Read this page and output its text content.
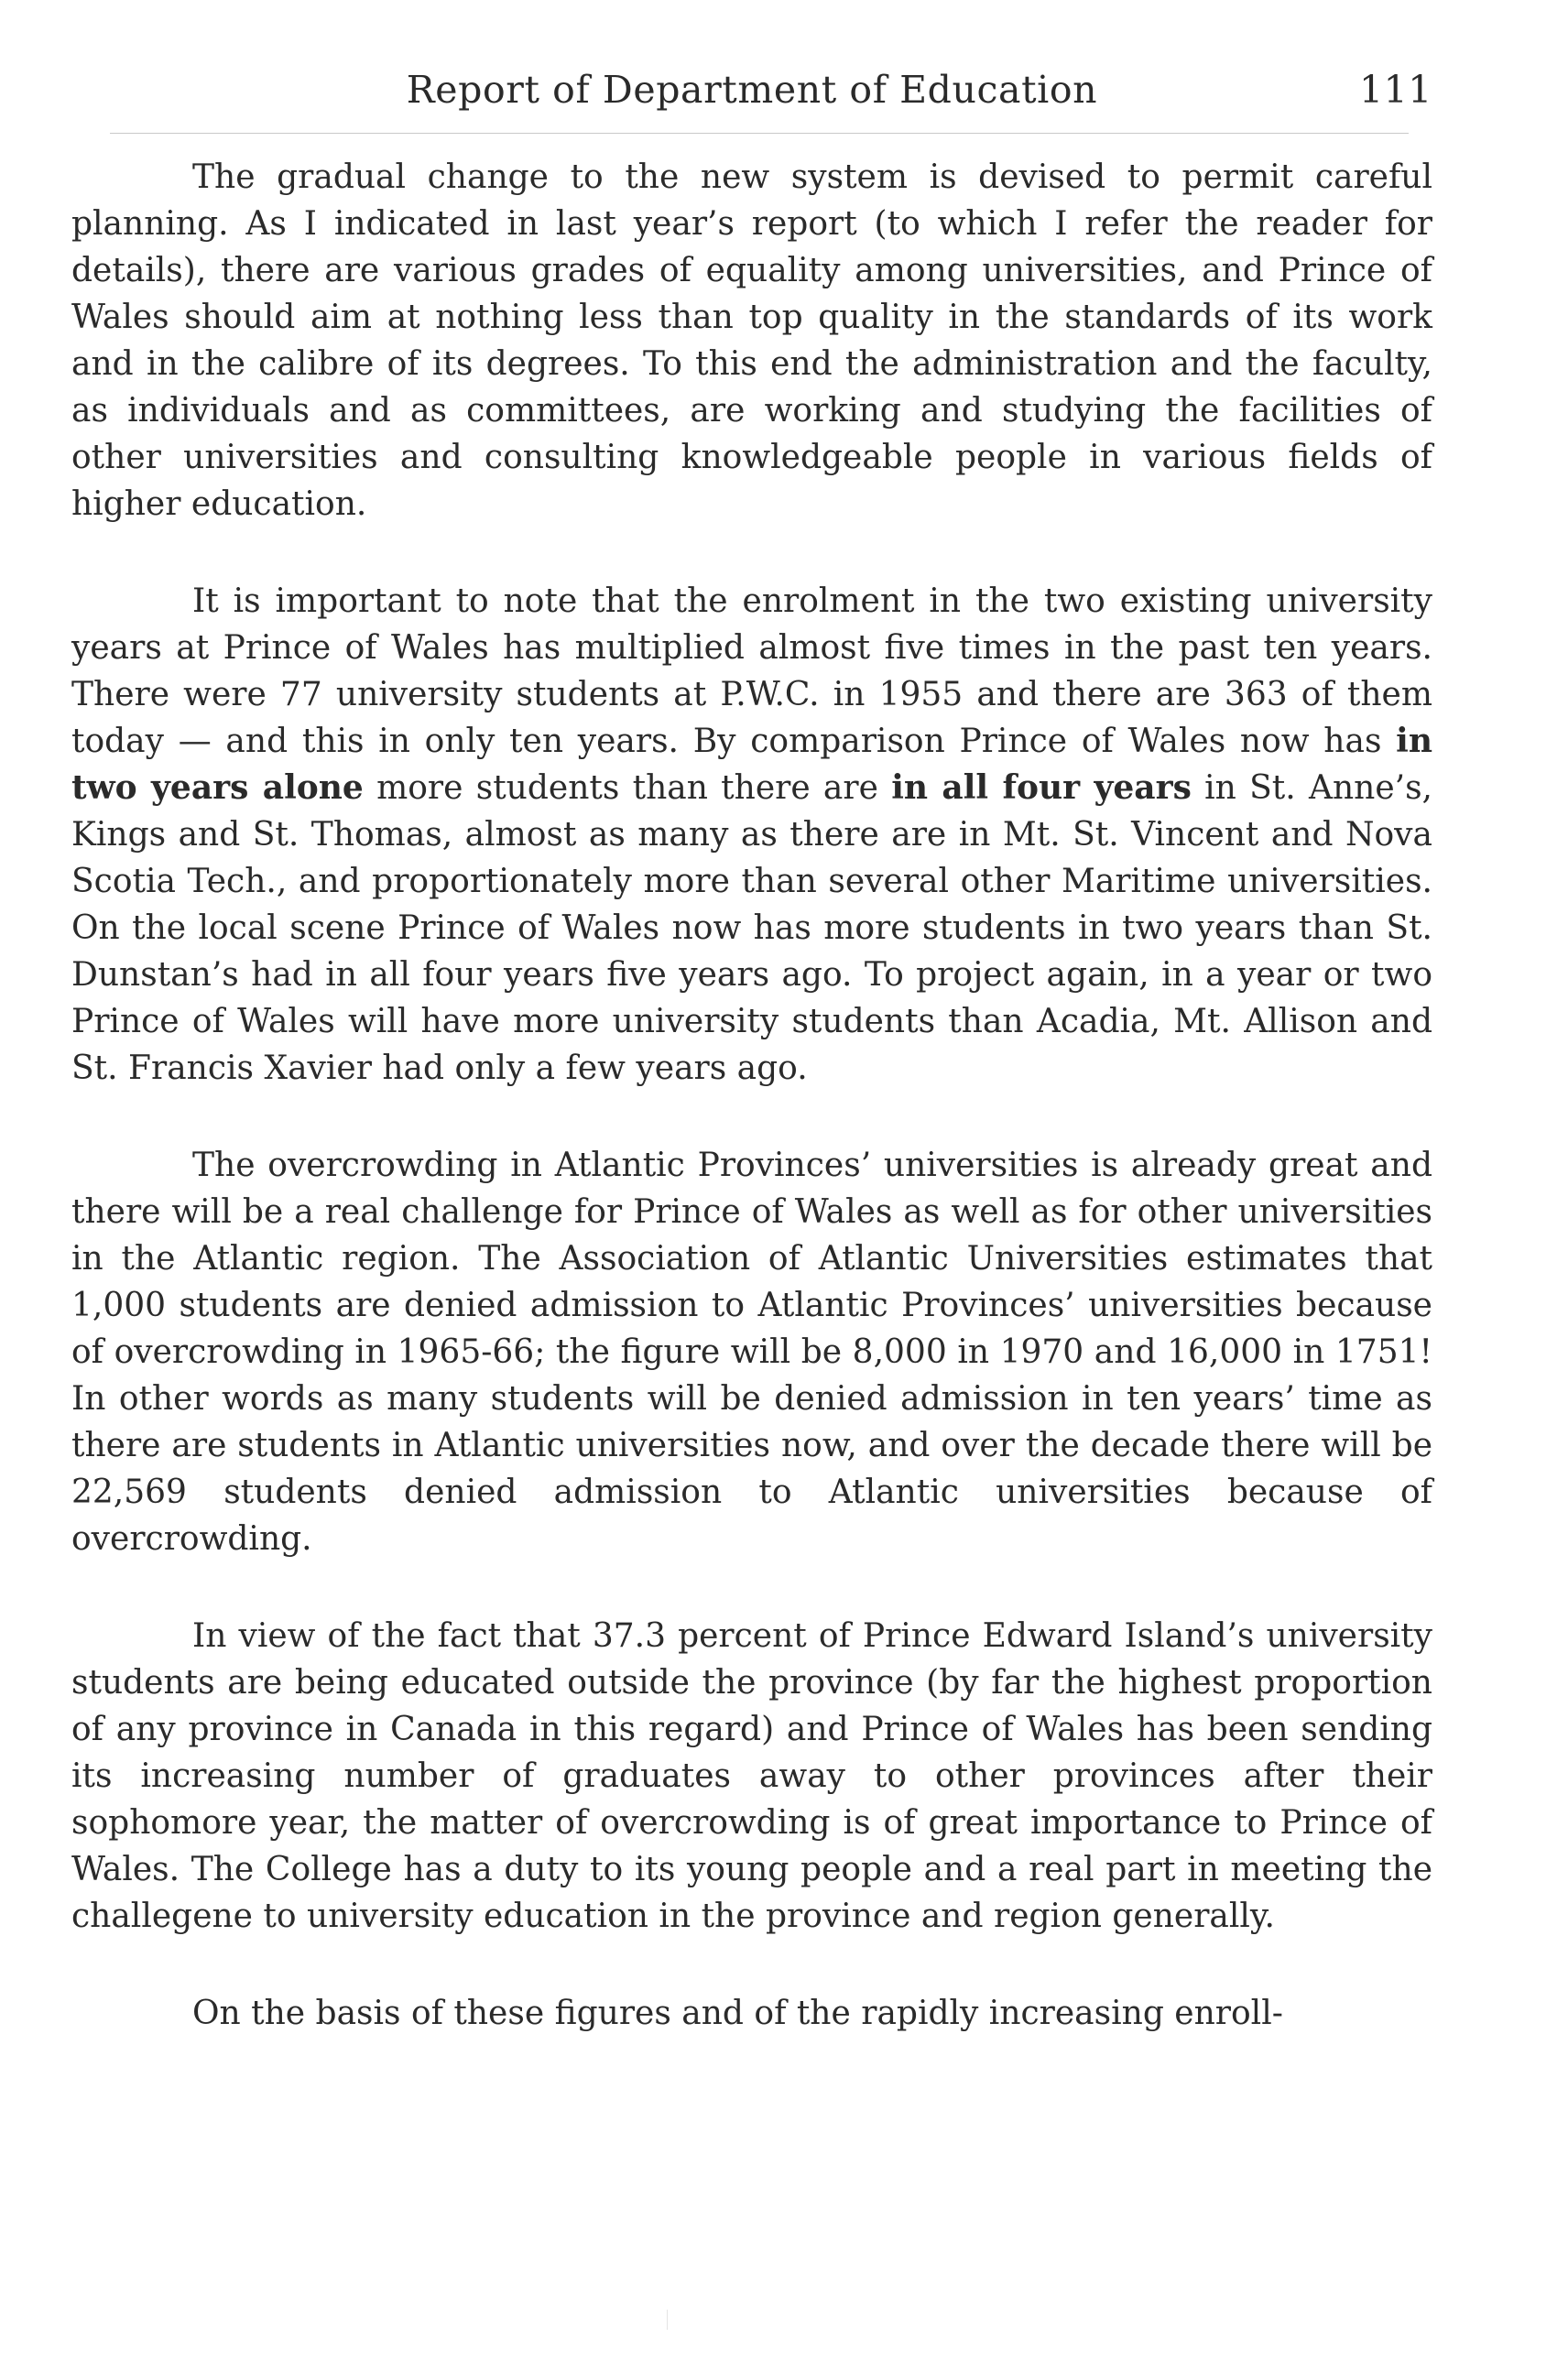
Report of Department of Education	111

The gradual change to the new system is devised to permit careful planning. As I indicated in last year’s report (to which I refer the reader for details), there are various grades of equality among universities, and Prince of Wales should aim at nothing less than top quality in the standards of its work and in the calibre of its degrees. To this end the administration and the faculty, as individuals and as committees, are working and studying the facilities of other universities and consulting knowledgeable people in various fields of higher education.

It is important to note that the enrolment in the two existing university years at Prince of Wales has multiplied almost five times in the past ten years. There were 77 university students at P.W.C. in 1955 and there are 363 of them today — and this in only ten years. By comparison Prince of Wales now has in two years alone more students than there are in all four years in St. Anne’s, Kings and St. Thomas, almost as many as there are in Mt. St. Vincent and Nova Scotia Tech., and proportionately more than several other Maritime universities. On the local scene Prince of Wales now has more students in two years than St. Dunstan’s had in all four years five years ago. To project again, in a year or two Prince of Wales will have more university students than Acadia, Mt. Allison and St. Francis Xavier had only a few years ago.

The overcrowding in Atlantic Provinces’ universities is already great and there will be a real challenge for Prince of Wales as well as for other universities in the Atlantic region. The Association of Atlantic Universities estimates that 1,000 students are denied admission to Atlantic Provinces’ universities because of overcrowding in 1965-66; the figure will be 8,000 in 1970 and 16,000 in 1751! In other words as many students will be denied admission in ten years’ time as there are students in Atlantic universities now, and over the decade there will be 22,569 students denied admission to Atlantic universities because of overcrowding.

In view of the fact that 37.3 percent of Prince Edward Island’s university students are being educated outside the province (by far the highest proportion of any province in Canada in this regard) and Prince of Wales has been sending its increasing number of graduates away to other provinces after their sophomore year, the matter of overcrowding is of great importance to Prince of Wales. The College has a duty to its young people and a real part in meeting the challegene to university education in the province and region generally.

On the basis of these figures and of the rapidly increasing enroll-
